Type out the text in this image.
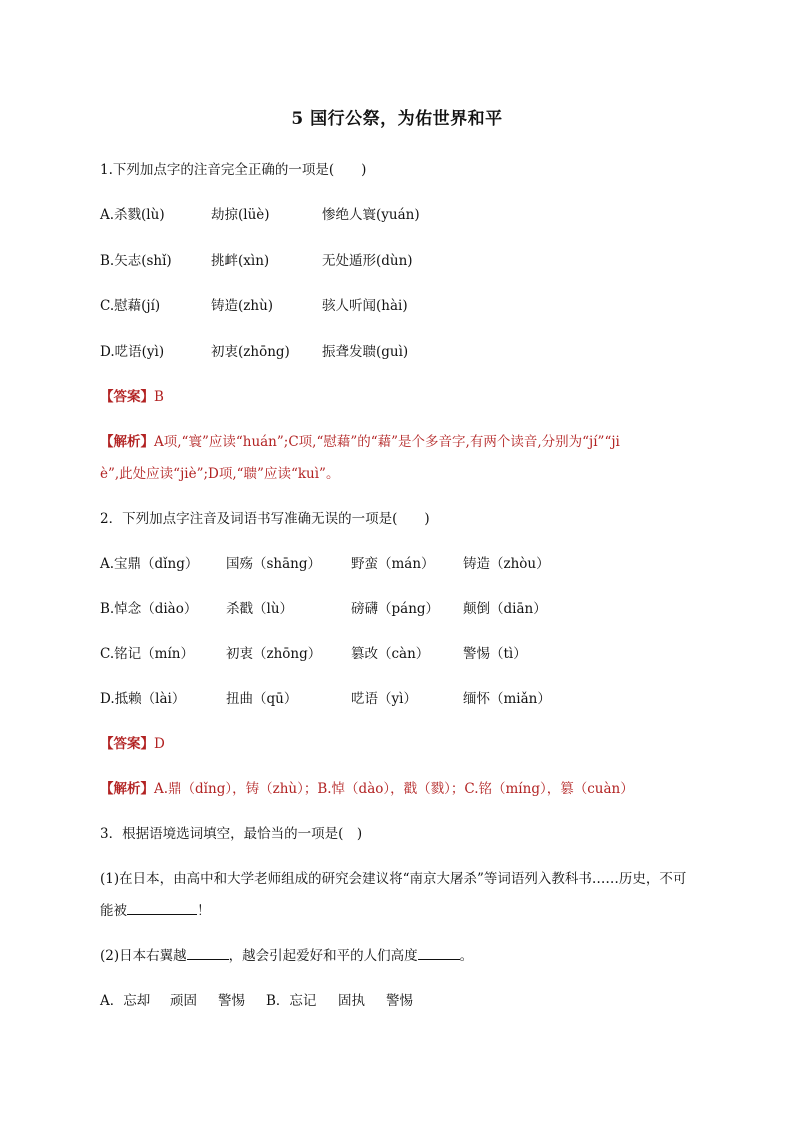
5 国行公祭，为佑世界和平
1.下列加点字的注音完全正确的一项是(　　)
A.杀戮(lù)	劫掠(lüè)	惨绝人寰(yuán)
B.矢志(shǐ)	挑衅(xìn)	无处遁形(dùn)
C.慰藉(jí)	铸造(zhù)	骇人听闻(hài)
D.呓语(yì)	初衷(zhōng) 振聋发聩(guì)
【答案】B
【解析】A项,“寰”应读“huán”;C项,“慰藉”的“藉”是个多音字,有两个读音,分别为“jí”“ji
è”,此处应读“jiè”;D项,“聩”应读“kuì”。
2．下列加点字注音及词语书写准确无误的一项是(　　)
A.宝鼎（dǐng） 国殇（shāng） 野蛮（mán） 铸造（zhòu）
B.悼念（diào） 杀戳（lù）	磅礴（páng） 颠倒（diān）
C.铭记（mín） 初衷（zhōng） 篡改（càn） 警惕（tì）
D.抵赖（lài）	扭曲（qū）	呓语（yì）	缅怀（miǎn）
【答案】D
【解析】A.鼎（dǐng），铸（zhù）；B.悼（dào），戳（戮）；C.铭（míng），篡（cuàn）
3．根据语境选词填空，最恰当的一项是(　)
(1)在日本，由高中和大学老师组成的研究会建议将“南京大屠杀”等词语列入教科书……历史，不可
能被	！
(2)日本右翼越	，越会引起爱好和平的人们高度	。
A．忘却 顽固 警惕 B．忘记 固执 警惕
